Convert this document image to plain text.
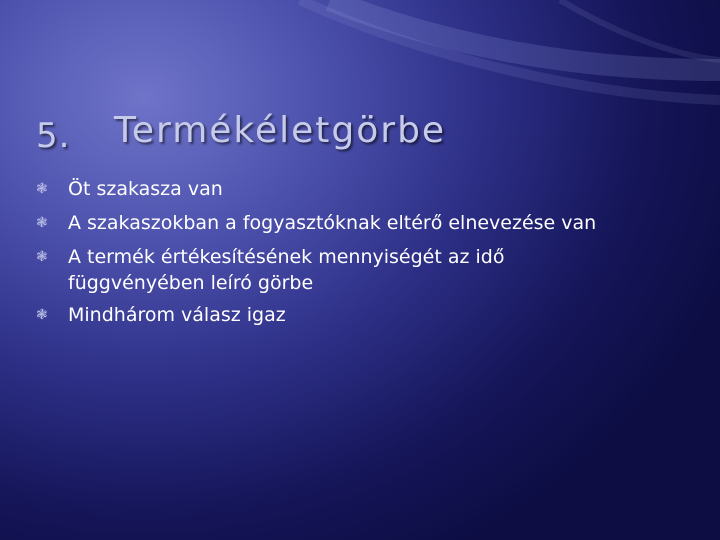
5. Termékéletgörbe
❃ Öt szakasza van
❃ A szakaszokban a fogyasztóknak eltérő elnevezése van
❃ A termék értékesítésének mennyiségét az idő függvényében leíró görbe
❃ Mindhárom válasz igaz
